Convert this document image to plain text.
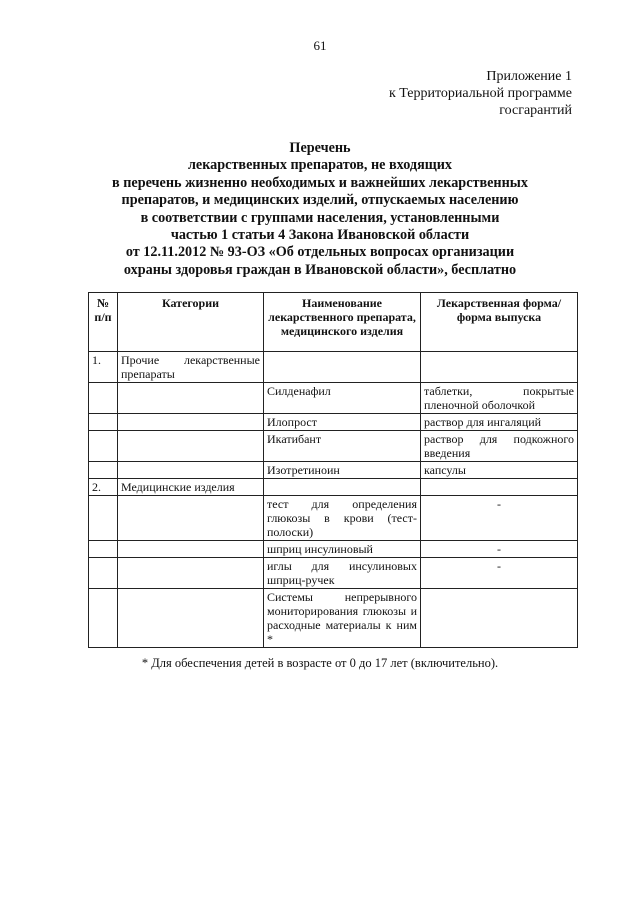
61
Приложение 1
к Территориальной программе
госгарантий
Перечень
лекарственных препаратов, не входящих
в перечень жизненно необходимых и важнейших лекарственных
препаратов, и медицинских изделий, отпускаемых населению
в соответствии с группами населения, установленными
частью 1 статьи 4 Закона Ивановской области
от 12.11.2012 № 93-ОЗ «Об отдельных вопросах организации
охраны здоровья граждан в Ивановской области», бесплатно
№ п/п	Категории	Наименование лекарственного препарата, медицинского изделия	Лекарственная форма/форма выпуска
1.	Прочие лекарственные препараты		
		Силденафил	таблетки, покрытые пленочной оболочкой
		Илопрост	раствор для ингаляций
		Икатибант	раствор для подкожного введения
		Изотретиноин	капсулы
2.	Медицинские изделия		
		тест для определения глюкозы в крови (тест-полоски)	-
		шприц инсулиновый	-
		иглы для инсулиновых шприц-ручек	-
		Системы непрерывного мониторирования глюкозы и расходные материалы к ним *	
* Для обеспечения детей в возрасте от 0 до 17 лет (включительно).
